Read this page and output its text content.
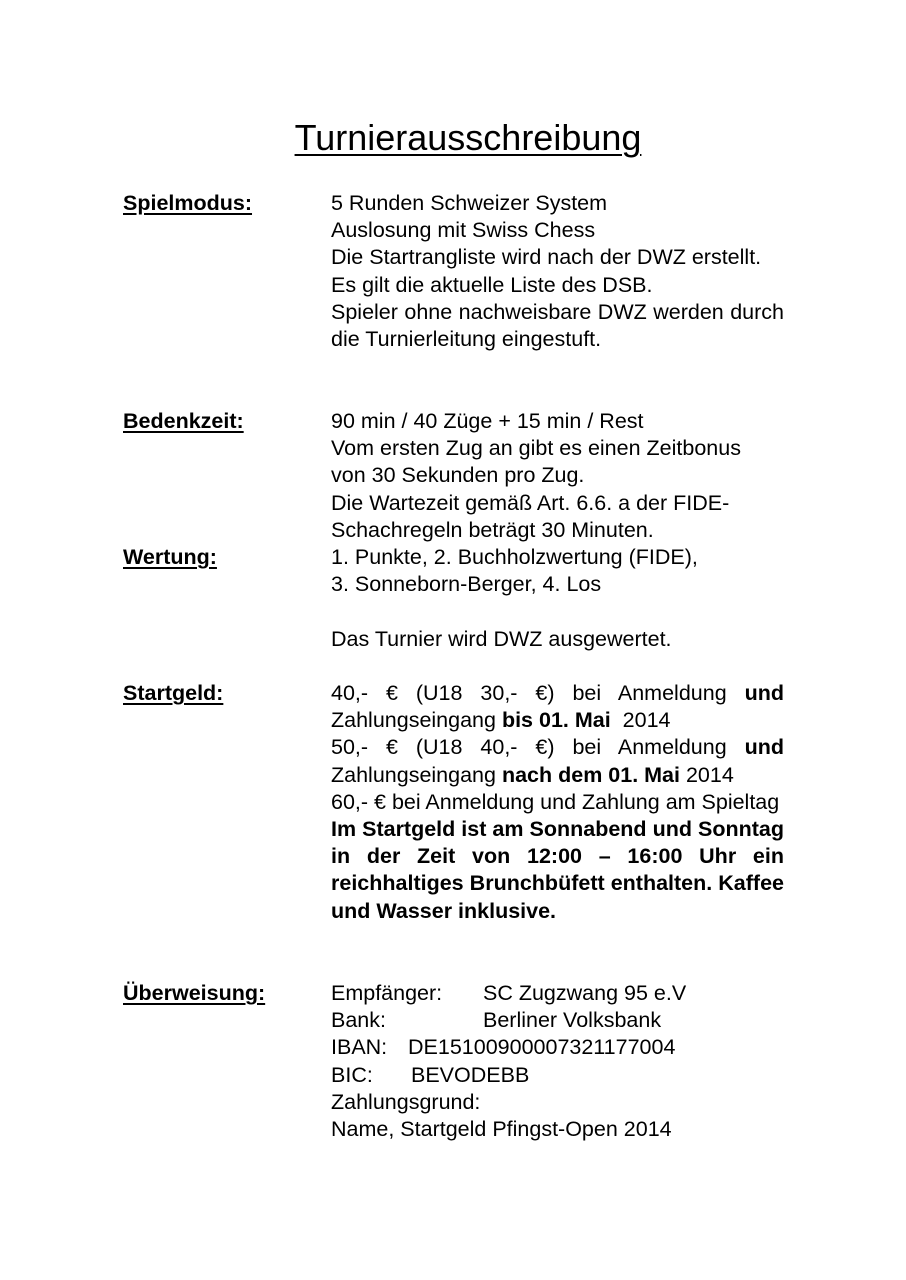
Turnierausschreibung
Spielmodus:	5 Runden Schweizer System

Auslosung mit Swiss Chess

Die Startrangliste wird nach der DWZ erstellt.

Es gilt die aktuelle Liste des DSB.

Spieler ohne nachweisbare DWZ werden durch die Turnierleitung eingestuft.

Bedenkzeit:	90 min / 40 Züge + 15 min / Rest

Vom ersten Zug an gibt es einen Zeitbonus

von 30 Sekunden pro Zug.

Die Wartezeit gemäß Art. 6.6. a der FIDE-

Schachregeln beträgt 30 Minuten.

Wertung:	1. Punkte, 2. Buchholzwertung (FIDE),

3. Sonneborn-Berger, 4. Los

Das Turnier wird DWZ ausgewertet.

Startgeld:	40,- € (U18 30,- €) bei Anmeldung und Zahlungseingang bis 01. Mai  2014

50,- € (U18 40,- €) bei Anmeldung und Zahlungseingang nach dem 01. Mai 2014

60,- € bei Anmeldung und Zahlung am Spieltag

Im Startgeld ist am Sonnabend und Sonntag in der Zeit von 12:00 – 16:00 Uhr ein reichhaltiges Brunchbüfett enthalten. Kaffee und Wasser inklusive.

Überweisung:	Empfänger: SC Zugzwang 95 e.V

Bank:	Berliner Volksbank

IBAN: DE15100900007321177004

BIC: BEVODEBB

Zahlungsgrund:

Name, Startgeld Pfingst-Open 2014
